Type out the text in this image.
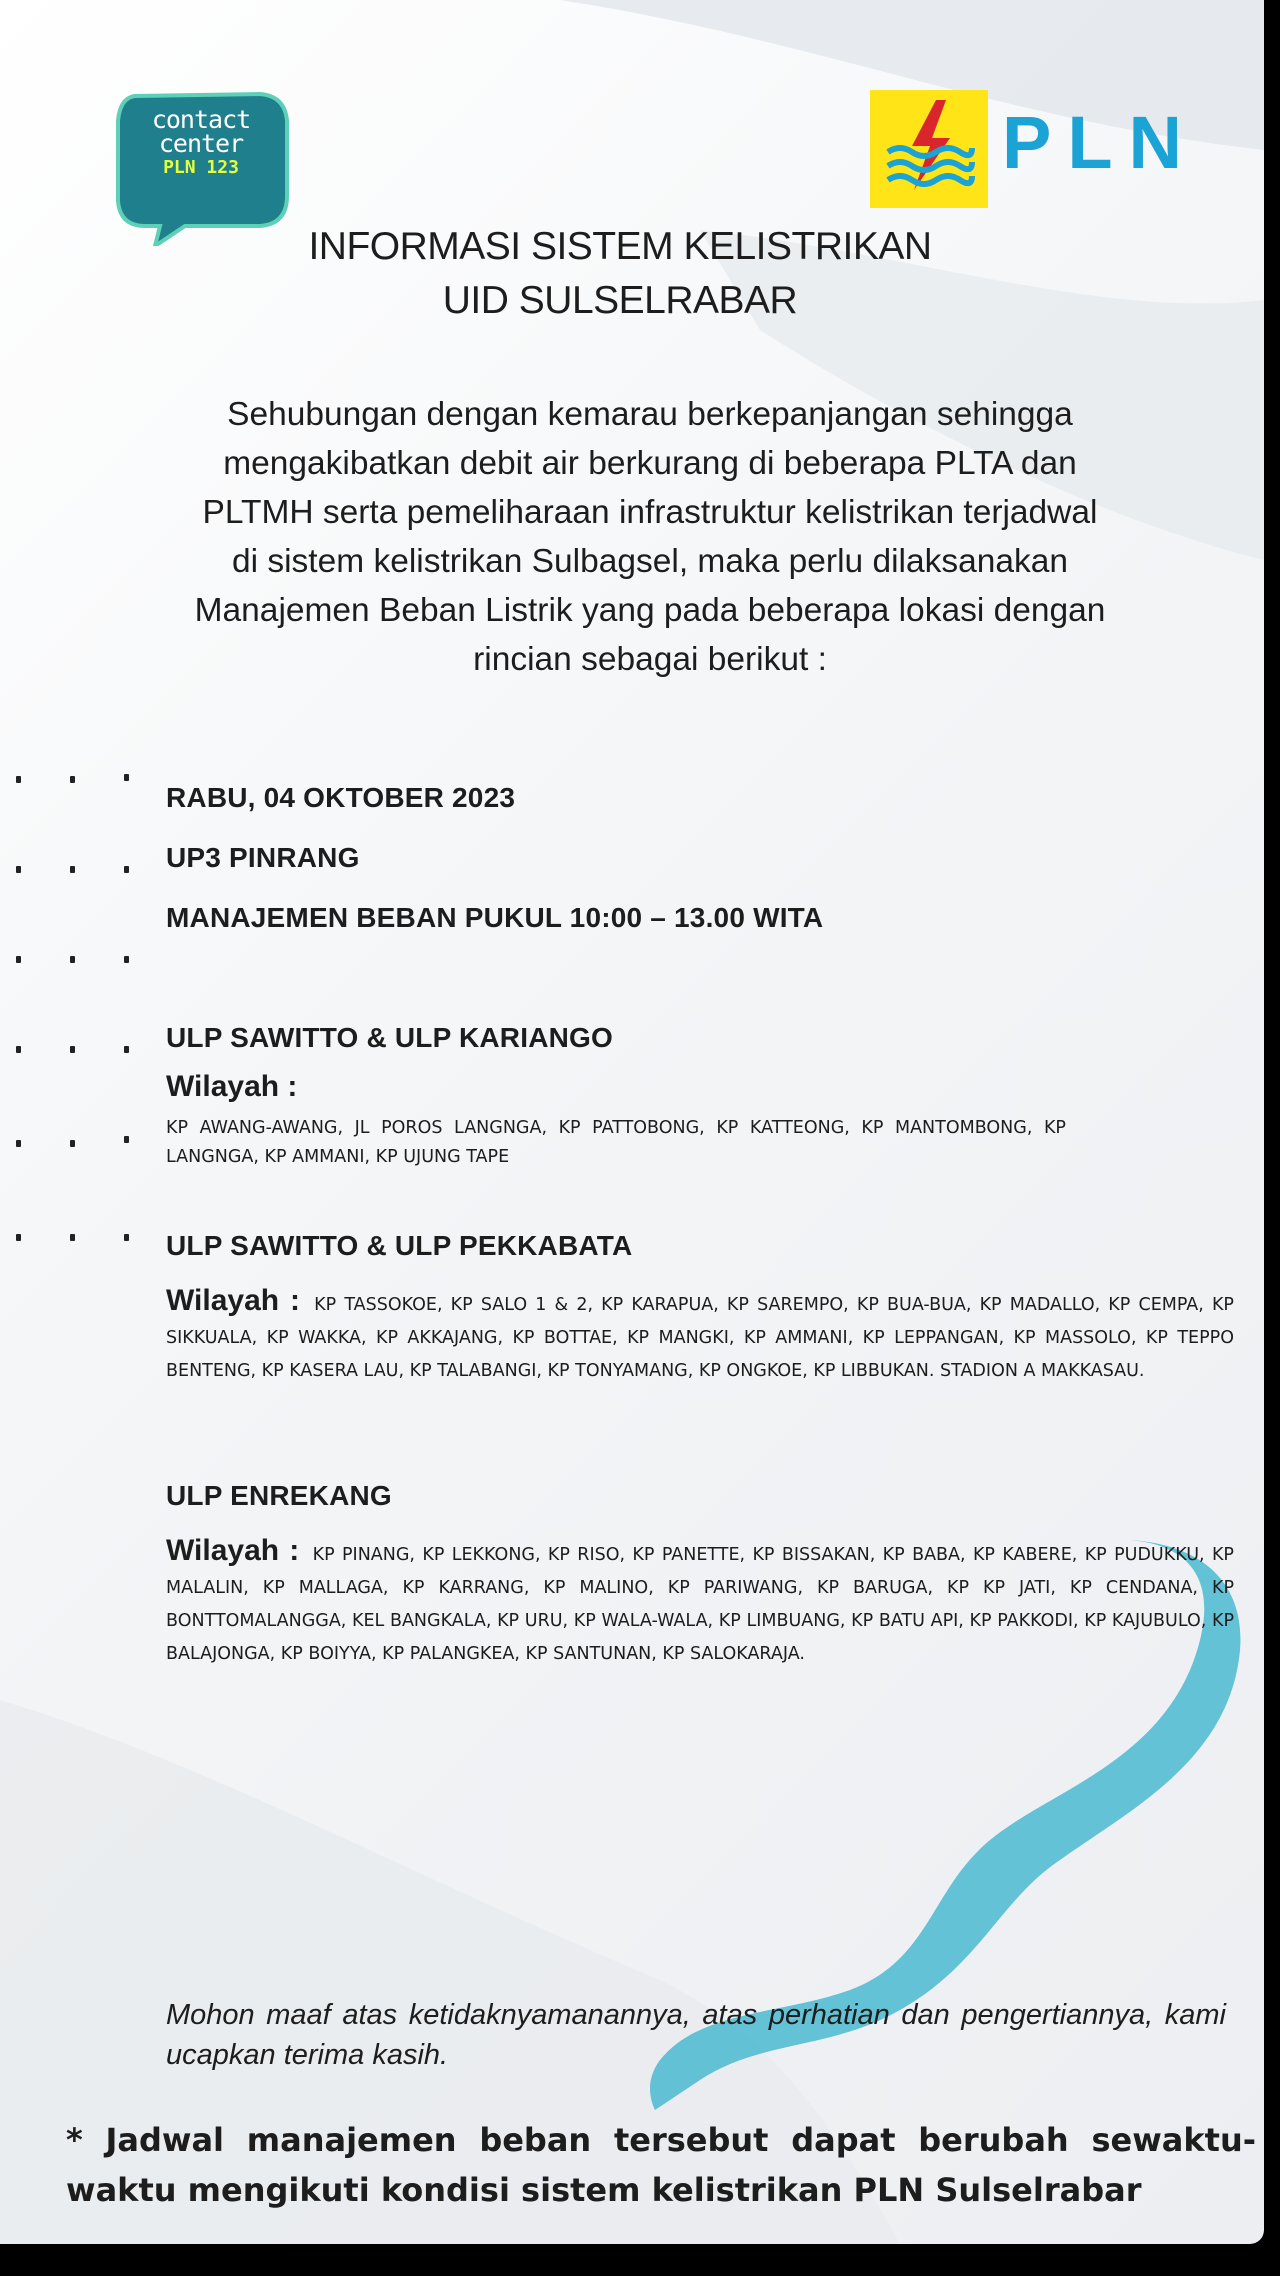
contact
center
PLN 123	PLN
INFORMASI SISTEM KELISTRIKAN
UID SULSELRABAR
Sehubungan dengan kemarau berkepanjangan sehingga
mengakibatkan debit air berkurang di beberapa PLTA dan
PLTMH serta pemeliharaan infrastruktur kelistrikan terjadwal
di sistem kelistrikan Sulbagsel, maka perlu dilaksanakan
Manajemen Beban Listrik yang pada beberapa lokasi dengan
rincian sebagai berikut :
RABU, 04 OKTOBER 2023
UP3 PINRANG
MANAJEMEN BEBAN PUKUL 10:00 – 13.00 WITA
ULP SAWITTO & ULP KARIANGO
Wilayah :
KP AWANG-AWANG, JL POROS LANGNGA, KP PATTOBONG, KP KATTEONG, KP MANTOMBONG, KP LANGNGA, KP AMMANI, KP UJUNG TAPE
ULP SAWITTO & ULP PEKKABATA
Wilayah : KP TASSOKOE, KP SALO 1 & 2, KP KARAPUA, KP SAREMPO, KP BUA-BUA, KP MADALLO, KP CEMPA, KP SIKKUALA, KP WAKKA, KP AKKAJANG, KP BOTTAE, KP MANGKI, KP AMMANI, KP LEPPANGAN, KP MASSOLO, KP TEPPO BENTENG, KP KASERA LAU, KP TALABANGI, KP TONYAMANG, KP ONGKOE, KP LIBBUKAN. STADION A MAKKASAU.
ULP ENREKANG
Wilayah : KP PINANG, KP LEKKONG, KP RISO, KP PANETTE, KP BISSAKAN, KP BABA, KP KABERE, KP PUDUKKU, KP MALALIN, KP MALLAGA, KP KARRANG, KP MALINO, KP PARIWANG, KP BARUGA, KP KP JATI, KP CENDANA, KP BONTTOMALANGGA, KEL BANGKALA, KP URU, KP WALA-WALA, KP LIMBUANG, KP BATU API, KP PAKKODI, KP KAJUBULO, KP BALAJONGA, KP BOIYYA, KP PALANGKEA, KP SANTUNAN, KP SALOKARAJA.
Mohon maaf atas ketidaknyamanannya, atas perhatian dan pengertiannya, kami ucapkan terima kasih.
* Jadwal manajemen beban tersebut dapat berubah sewaktu-waktu mengikuti kondisi sistem kelistrikan PLN Sulselrabar
